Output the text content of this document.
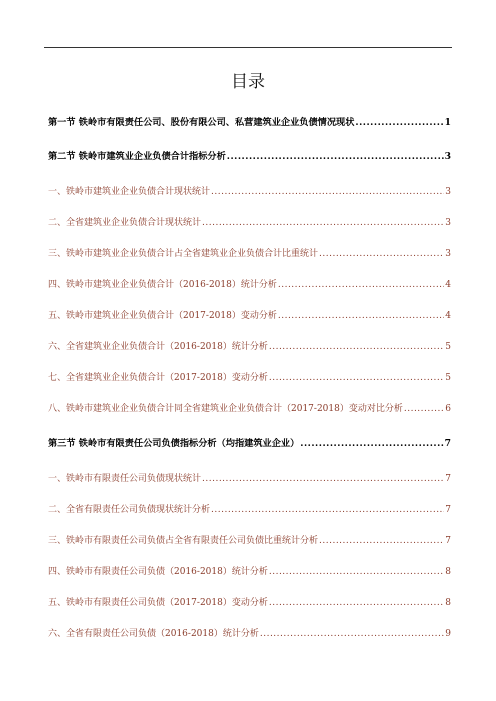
目录
第一节 铁岭市有限责任公司、股份有限公司、私营建筑业企业负债情况现状 .....	1
第二节 铁岭市建筑业企业负债合计指标分析 .....	3
一、铁岭市建筑业企业负债合计现状统计 .....	3
二、全省建筑业企业负债合计现状统计 .....	3
三、铁岭市建筑业企业负债合计占全省建筑业企业负债合计比重统计 .....	3
四、铁岭市建筑业企业负债合计（2016-2018）统计分析 .....	4
五、铁岭市建筑业企业负债合计（2017-2018）变动分析 .....	4
六、全省建筑业企业负债合计（2016-2018）统计分析 .....	5
七、全省建筑业企业负债合计（2017-2018）变动分析 .....	5
八、铁岭市建筑业企业负债合计同全省建筑业企业负债合计（2017-2018）变动对比分析 .....	6
第三节 铁岭市有限责任公司负债指标分析（均指建筑业企业） .....	7
一、铁岭市有限责任公司负债现状统计 .....	7
二、全省有限责任公司负债现状统计分析 .....	7
三、铁岭市有限责任公司负债占全省有限责任公司负债比重统计分析 .....	7
四、铁岭市有限责任公司负债（2016-2018）统计分析 .....	8
五、铁岭市有限责任公司负债（2017-2018）变动分析 .....	8
六、全省有限责任公司负债（2016-2018）统计分析 .....	9
